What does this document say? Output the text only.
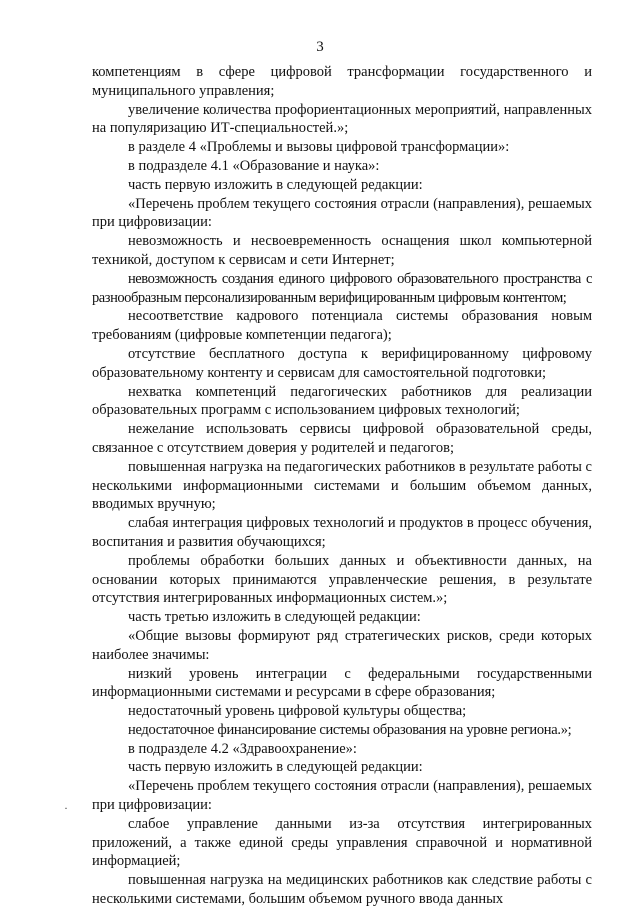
3

компетенциям в сфере цифровой трансформации государственного и муниципального управления;

увеличение количества профориентационных мероприятий, направленных на популяризацию ИТ-специальностей.»;

в разделе 4 «Проблемы и вызовы цифровой трансформации»:

в подразделе 4.1 «Образование и наука»:

часть первую изложить в следующей редакции:

«Перечень проблем текущего состояния отрасли (направления), решаемых при цифровизации:

невозможность и несвоевременность оснащения школ компьютерной техникой, доступом к сервисам и сети Интернет;

невозможность создания единого цифрового образовательного пространства с разнообразным персонализированным верифицированным цифровым контентом;

несоответствие кадрового потенциала системы образования новым требованиям (цифровые компетенции педагога);

отсутствие бесплатного доступа к верифицированному цифровому образовательному контенту и сервисам для самостоятельной подготовки;

нехватка компетенций педагогических работников для реализации образовательных программ с использованием цифровых технологий;

нежелание использовать сервисы цифровой образовательной среды, связанное с отсутствием доверия у родителей и педагогов;

повышенная нагрузка на педагогических работников в результате работы с несколькими информационными системами и большим объемом данных, вводимых вручную;

слабая интеграция цифровых технологий и продуктов в процесс обучения, воспитания и развития обучающихся;

проблемы обработки больших данных и объективности данных, на основании которых принимаются управленческие решения, в результате отсутствия интегрированных информационных систем.»;

часть третью изложить в следующей редакции:

«Общие вызовы формируют ряд стратегических рисков, среди которых наиболее значимы:

низкий уровень интеграции с федеральными государственными информационными системами и ресурсами в сфере образования;

недостаточный уровень цифровой культуры общества;

недостаточное финансирование системы образования на уровне региона.»;

в подразделе 4.2 «Здравоохранение»:

часть первую изложить в следующей редакции:

«Перечень проблем текущего состояния отрасли (направления), решаемых при цифровизации:

слабое управление данными из-за отсутствия интегрированных приложений, а также единой среды управления справочной и нормативной информацией;

повышенная нагрузка на медицинских работников как следствие работы с несколькими системами, большим объемом ручного ввода данных

·
